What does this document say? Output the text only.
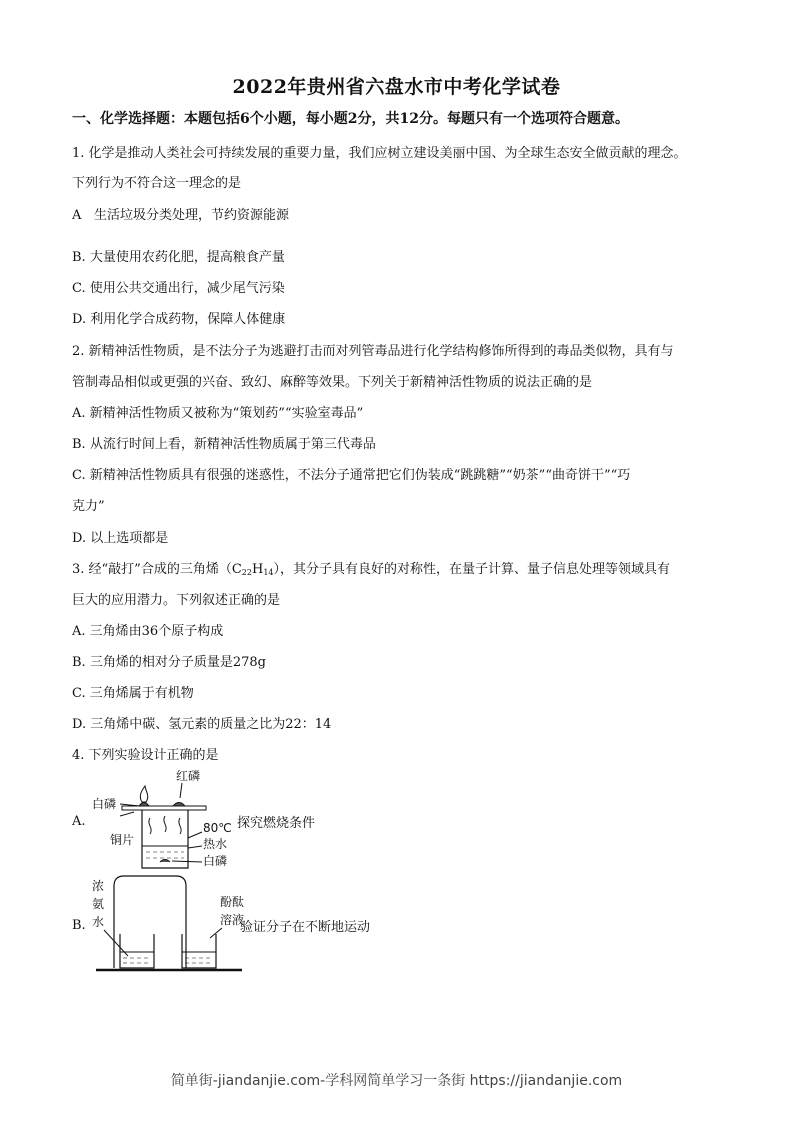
2022年贵州省六盘水市中考化学试卷
一、化学选择题：本题包括6个小题，每小题2分，共12分。每题只有一个选项符合题意。
1. 化学是推动人类社会可持续发展的重要力量，我们应树立建设美丽中国、为全球生态安全做贡献的理念。
下列行为不符合这一理念的是
A 生活垃圾分类处理，节约资源能源
B. 大量使用农药化肥，提高粮食产量
C. 使用公共交通出行，减少尾气污染
D. 利用化学合成药物，保障人体健康
2. 新精神活性物质，是不法分子为逃避打击而对列管毒品进行化学结构修饰所得到的毒品类似物，具有与
管制毒品相似或更强的兴奋、致幻、麻醉等效果。下列关于新精神活性物质的说法正确的是
A. 新精神活性物质又被称为“策划药”“实验室毒品”
B. 从流行时间上看，新精神活性物质属于第三代毒品
C. 新精神活性物质具有很强的迷惑性，不法分子通常把它们伪装成“跳跳糖”“奶茶”“曲奇饼干”“巧
克力”
D. 以上选项都是
3. 经“敲打”合成的三角烯$(C_{22}H_{14})$，其分子具有良好的对称性，在量子计算、量子信息处理等领域具有
巨大的应用潜力。下列叙述正确的是
A. 三角烯由36个原子构成
B. 三角烯的相对分子质量是278g
C. 三角烯属于有机物
D. 三角烯中碳、氢元素的质量之比为22：14
4. 下列实验设计正确的是
A.
红磷
白磷
铜片
80℃
热水
白磷
探究燃烧条件
B.
浓
氨
水
酚酞
溶液
验证分子在不断地运动
简单街-jiandanjie.com-学科网简单学习一条街 https://jiandanjie.com
